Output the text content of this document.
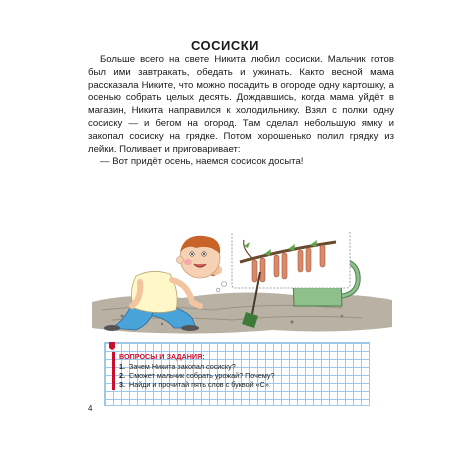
СОСИСКИ

Больше всего на свете Никита любил сосиски. Мальчик готов был ими завтракать, обедать и ужинать. Както весной мама рассказала Никите, что можно посадить в огороде одну картошку, а осенью собрать целых десять. Дождавшись, когда мама уйдёт в магазин, Никита направился к холодильнику. Взял с полки одну сосиску — и бегом на огород. Там сделал небольшую ямку и закопал сосиску на грядке. Потом хорошенько полил грядку из лейки. Поливает и приговаривает:

— Вот придёт осень, наемся сосисок досыта!

ВОПРОСЫ И ЗАДАНИЯ:
1. Зачем Никита закопал сосиску?
2. Сможет мальчик собрать урожай? Почему?
3. Найди и прочитай пять слов с буквой «С».
4
